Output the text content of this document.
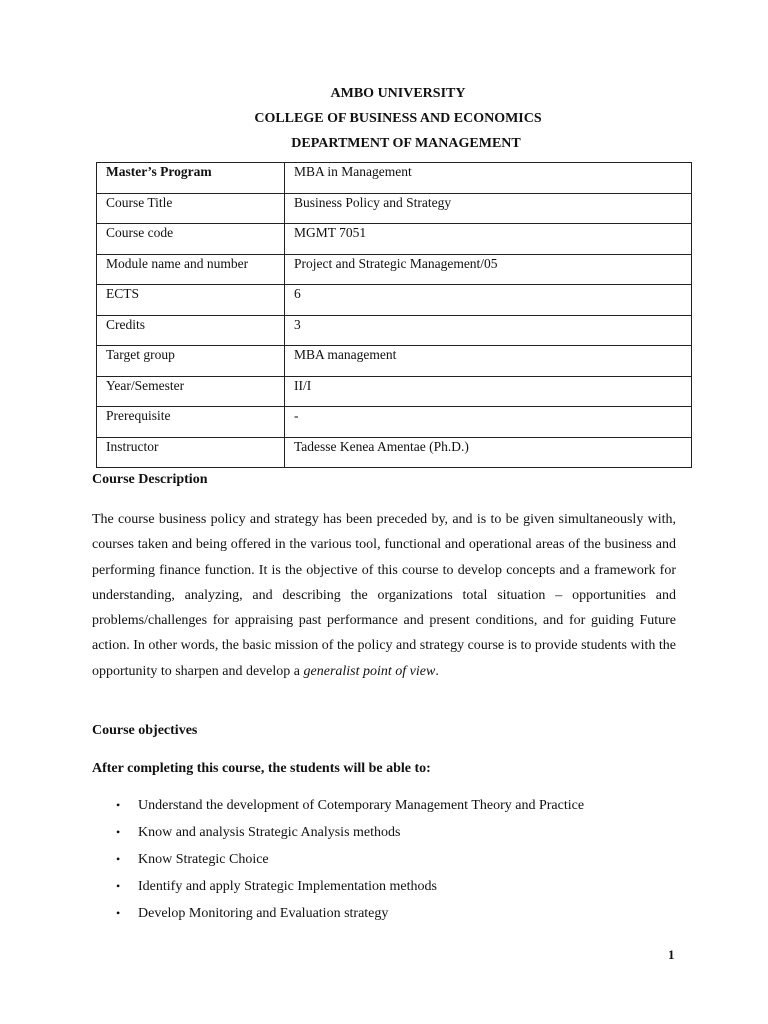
AMBO UNIVERSITY
COLLEGE OF BUSINESS AND ECONOMICS
DEPARTMENT OF MANAGEMENT
Master’s Program	MBA in Management
Course Title	Business Policy and Strategy
Course code	MGMT 7051
Module name and number	Project and Strategic Management/05
ECTS	6
Credits	3
Target group	MBA management
Year/Semester	II/I
Prerequisite	-
Instructor	Tadesse Kenea Amentae (Ph.D.)
Course Description

The course business policy and strategy has been preceded by, and is to be given simultaneously with, courses taken and being offered in the various tool, functional and operational areas of the business and performing finance function. It is the objective of this course to develop concepts and a framework for understanding, analyzing, and describing the organizations total situation – opportunities and problems/challenges for appraising past performance and present conditions, and for guiding Future action. In other words, the basic mission of the policy and strategy course is to provide students with the opportunity to sharpen and develop a generalist point of view.

Course objectives
After completing this course, the students will be able to:
• Understand the development of Cotemporary Management Theory and Practice
• Know and analysis Strategic Analysis methods
• Know Strategic Choice
• Identify and apply Strategic Implementation methods
• Develop Monitoring and Evaluation strategy
1
